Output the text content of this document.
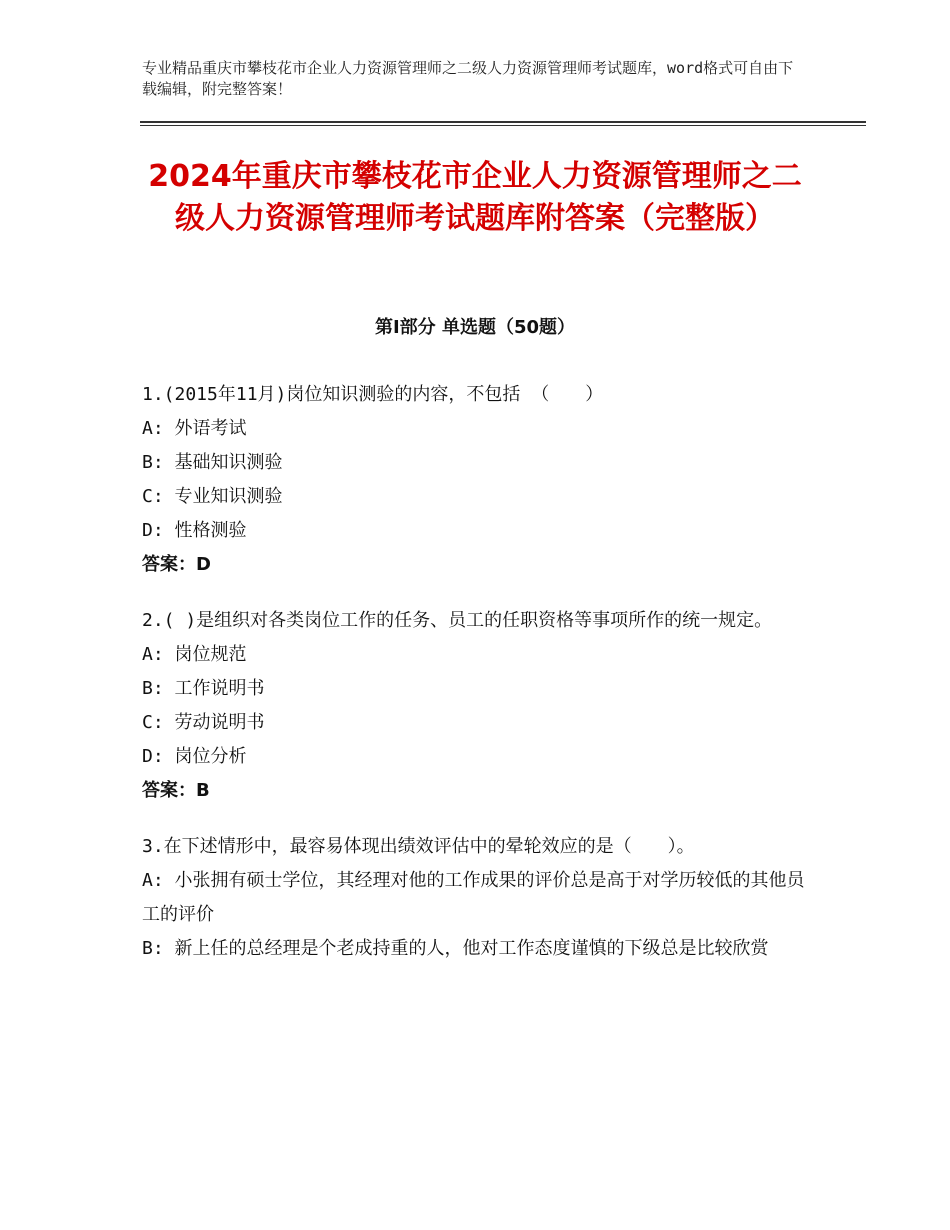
专业精品重庆市攀枝花市企业人力资源管理师之二级人力资源管理师考试题库，word格式可自由下载编辑，附完整答案！
2024年重庆市攀枝花市企业人力资源管理师之二级人力资源管理师考试题库附答案（完整版）
第Ⅰ部分 单选题（50题）
1.(2015年11月)岗位知识测验的内容，不包括 （　　）
A: 外语考试
B: 基础知识测验
C: 专业知识测验
D: 性格测验
答案：D
2.( )是组织对各类岗位工作的任务、员工的任职资格等事项所作的统一规定。
A: 岗位规范
B: 工作说明书
C: 劳动说明书
D: 岗位分析
答案：B
3.在下述情形中，最容易体现出绩效评估中的晕轮效应的是（　　）。
A: 小张拥有硕士学位，其经理对他的工作成果的评价总是高于对学历较低的其他员工的评价
B: 新上任的总经理是个老成持重的人，他对工作态度谨慎的下级总是比较欣赏
